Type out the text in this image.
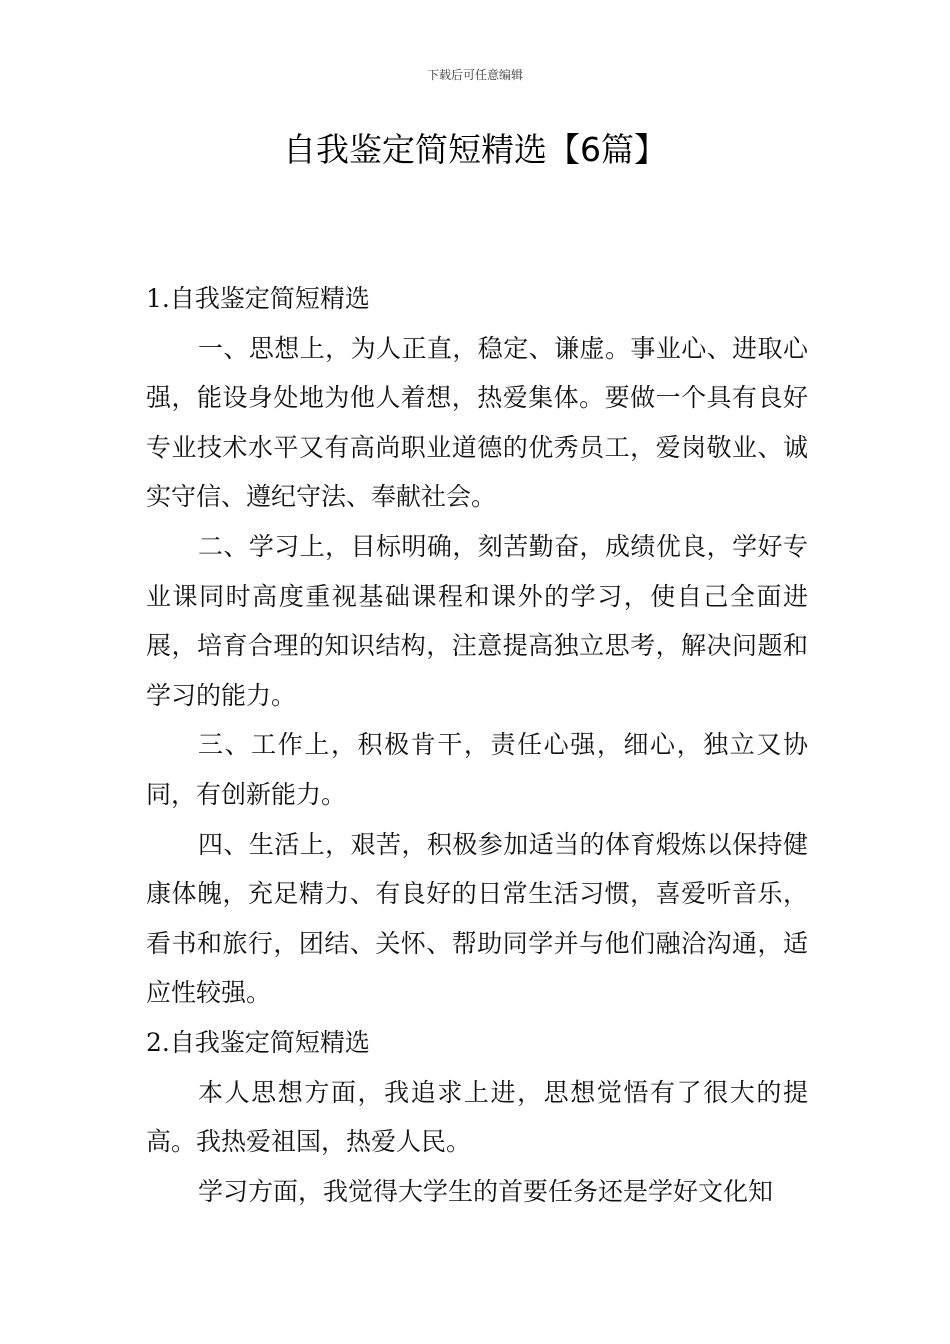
下载后可任意编辑
自我鉴定简短精选【6篇】

1.自我鉴定简短精选

一、思想上，为人正直，稳定、谦虚。事业心、进取心强，能设身处地为他人着想，热爱集体。要做一个具有良好专业技术水平又有高尚职业道德的优秀员工，爱岗敬业、诚实守信、遵纪守法、奉献社会。

二、学习上，目标明确，刻苦勤奋，成绩优良，学好专业课同时高度重视基础课程和课外的学习，使自己全面进展，培育合理的知识结构，注意提高独立思考，解决问题和学习的能力。

三、工作上，积极肯干，责任心强，细心，独立又协同，有创新能力。

四、生活上，艰苦，积极参加适当的体育煅炼以保持健康体魄，充足精力、有良好的日常生活习惯，喜爱听音乐，看书和旅行，团结、关怀、帮助同学并与他们融洽沟通，适应性较强。

2.自我鉴定简短精选

本人思想方面，我追求上进，思想觉悟有了很大的提高。我热爱祖国，热爱人民。

学习方面，我觉得大学生的首要任务还是学好文化知
